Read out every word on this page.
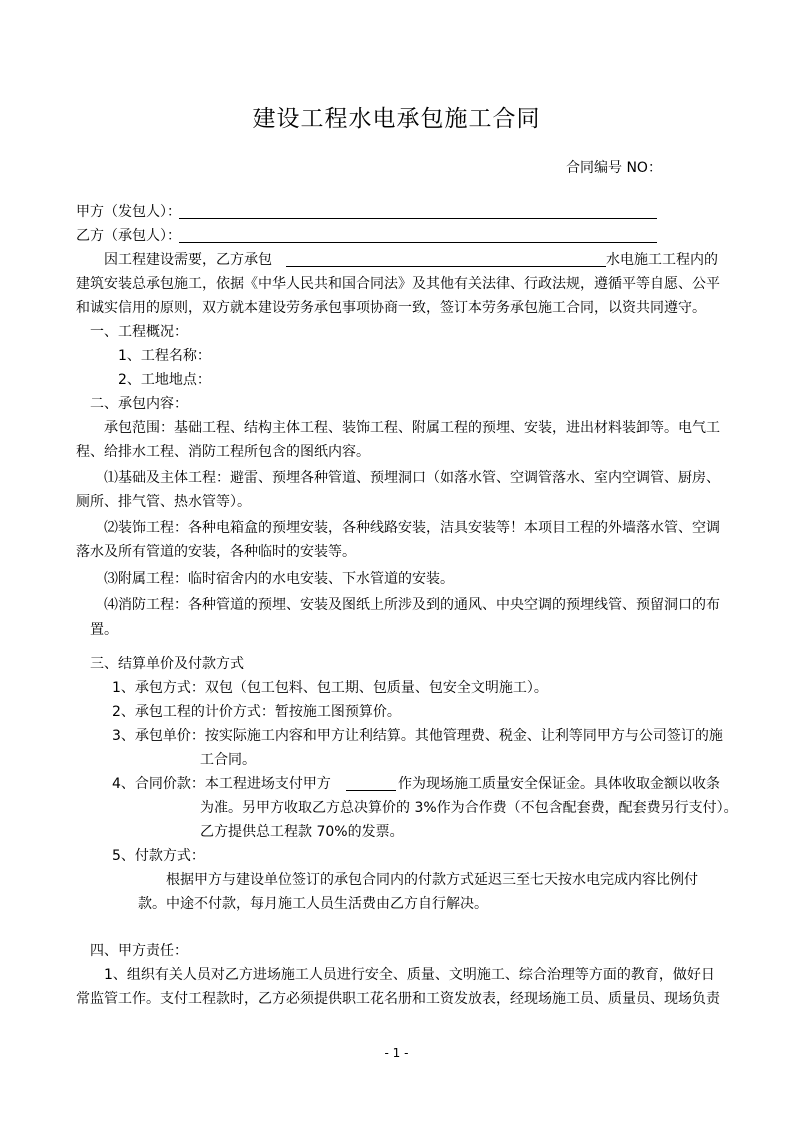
建设工程水电承包施工合同
合同编号 NO：
甲方（发包人）：
乙方（承包人）：
因工程建设需要，乙方承包	水电施工工程内的
建筑安装总承包施工，依据《中华人民共和国合同法》及其他有关法律、行政法规，遵循平等自愿、公平
和诚实信用的原则，双方就本建设劳务承包事项协商一致，签订本劳务承包施工合同，以资共同遵守。
一、工程概况：
1、工程名称：
2、工地地点：
二、承包内容：
承包范围：基础工程、结构主体工程、装饰工程、附属工程的预埋、安装，进出材料装卸等。电气工
程、给排水工程、消防工程所包含的图纸内容。
⑴基础及主体工程：避雷、预埋各种管道、预埋洞口（如落水管、空调管落水、室内空调管、厨房、
厕所、排气管、热水管等）。
⑵装饰工程：各种电箱盒的预埋安装，各种线路安装，洁具安装等！本项目工程的外墙落水管、空调
落水及所有管道的安装，各种临时的安装等。
⑶附属工程：临时宿舍内的水电安装、下水管道的安装。
⑷消防工程：各种管道的预埋、安装及图纸上所涉及到的通风、中央空调的预埋线管、预留洞口的布
置。
三、结算单价及付款方式
1、承包方式：双包（包工包料、包工期、包质量、包安全文明施工）。
2、承包工程的计价方式：暂按施工图预算价。
3、承包单价：按实际施工内容和甲方让利结算。其他管理费、税金、让利等同甲方与公司签订的施
工合同。
4、合同价款：本工程进场支付甲方	作为现场施工质量安全保证金。具体收取金额以收条
为准。另甲方收取乙方总决算价的 3%作为合作费（不包含配套费，配套费另行支付）。
乙方提供总工程款 70%的发票。
5、付款方式：
根据甲方与建设单位签订的承包合同内的付款方式延迟三至七天按水电完成内容比例付
款。中途不付款，每月施工人员生活费由乙方自行解决。
四、甲方责任：
1、组织有关人员对乙方进场施工人员进行安全、质量、文明施工、综合治理等方面的教育，做好日
常监管工作。支付工程款时，乙方必须提供职工花名册和工资发放表，经现场施工员、质量员、现场负责
- 1 -
